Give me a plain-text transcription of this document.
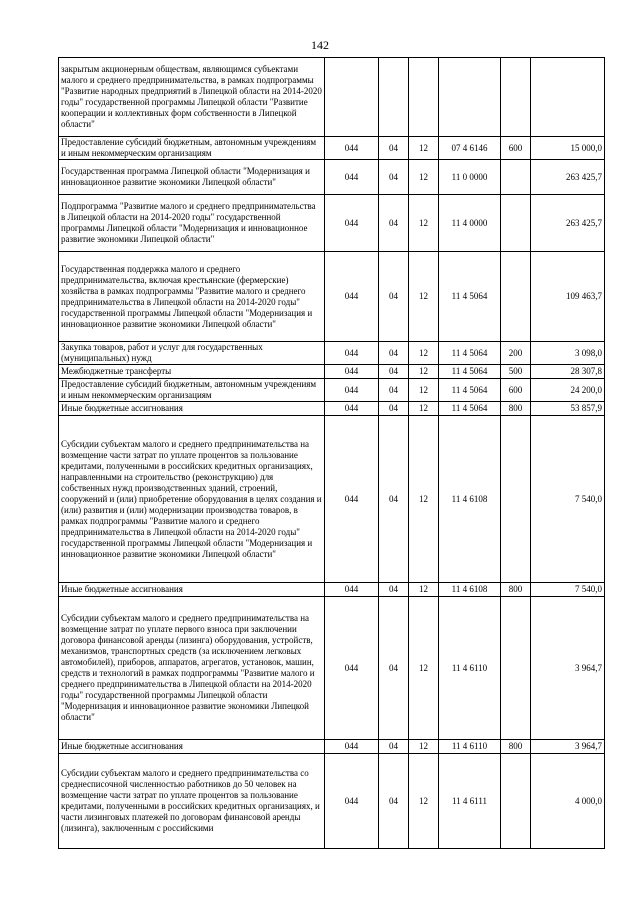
142
закрытым акционерным обществам, являющимся субъектами малого и среднего предпринимательства, в рамках подпрограммы "Развитие народных предприятий в Липецкой области на 2014-2020 годы" государственной программы Липецкой области "Развитие кооперации и коллективных форм собственности в Липецкой области"						
Предоставление субсидий бюджетным, автономным учреждениям и иным некоммерческим организациям	044	04	12	07 4 6146	600	15 000,0
Государственная программа Липецкой области "Модернизация и инновационное развитие экономики Липецкой области"	044	04	12	11 0 0000		263 425,7
Подпрограмма "Развитие малого и среднего предпринимательства в Липецкой области на 2014-2020 годы" государственной программы Липецкой области "Модернизация и инновационное развитие экономики Липецкой области"	044	04	12	11 4 0000		263 425,7
Государственная поддержка малого и среднего предпринимательства, включая крестьянские (фермерские) хозяйства в рамках подпрограммы "Развитие малого и среднего предпринимательства в Липецкой области на 2014-2020 годы" государственной программы Липецкой области "Модернизация и инновационное развитие экономики Липецкой области"	044	04	12	11 4 5064		109 463,7
Закупка товаров, работ и услуг для государственных (муниципальных) нужд	044	04	12	11 4 5064	200	3 098,0
Межбюджетные трансферты	044	04	12	11 4 5064	500	28 307,8
Предоставление субсидий бюджетным, автономным учреждениям и иным некоммерческим организациям	044	04	12	11 4 5064	600	24 200,0
Иные бюджетные ассигнования	044	04	12	11 4 5064	800	53 857,9
Субсидии субъектам малого и среднего предпринимательства на возмещение части затрат по уплате процентов за пользование кредитами, полученными в российских кредитных организациях, направленными на строительство (реконструкцию) для собственных нужд производственных зданий, строений, сооружений и (или) приобретение оборудования в целях создания и (или) развития и (или) модернизации производства товаров, в рамках подпрограммы "Развитие малого и среднего предпринимательства в Липецкой области на 2014-2020 годы" государственной программы Липецкой области "Модернизация и инновационное развитие экономики Липецкой области"	044	04	12	11 4 6108		7 540,0
Иные бюджетные ассигнования	044	04	12	11 4 6108	800	7 540,0
Субсидии субъектам малого и среднего предпринимательства на возмещение затрат по уплате первого взноса при заключении договора финансовой аренды (лизинга) оборудования, устройств, механизмов, транспортных средств (за исключением легковых автомобилей), приборов, аппаратов, агрегатов, установок, машин, средств и технологий в рамках подпрограммы "Развитие малого и среднего предпринимательства в Липецкой области на 2014-2020 годы" государственной программы Липецкой области "Модернизация и инновационное развитие экономики Липецкой области"	044	04	12	11 4 6110		3 964,7
Иные бюджетные ассигнования	044	04	12	11 4 6110	800	3 964,7
Субсидии субъектам малого и среднего предпринимательства со среднесписочной численностью работников до 50 человек на возмещение части затрат по уплате процентов за пользование кредитами, полученными в российских кредитных организациях, и части лизинговых платежей по договорам финансовой аренды (лизинга), заключенным с российскими	044	04	12	11 4 6111		4 000,0
